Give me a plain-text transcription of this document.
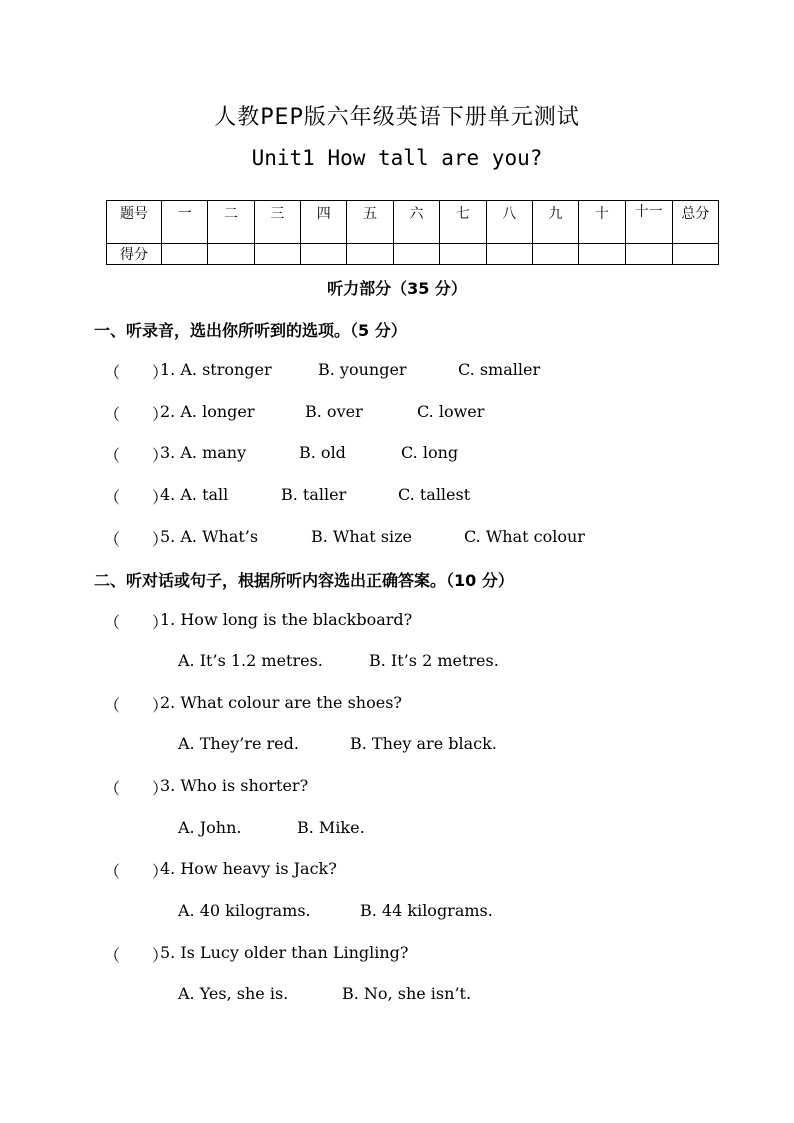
人教PEP版六年级英语下册单元测试
Unit1 How tall are you?
题号	一	二	三	四	五	六	七	八	九	十	十一	总分
得分												
听力部分（35 分）
一、听录音，选出你所听到的选项。（5 分）
（　　）
1. A. stronger	B. younger	C. smaller
（　　）
2. A. longer	B. over	C. lower
（　　）
3. A. many	B. old	C. long
（　　）
4. A. tall	B. taller	C. tallest
（　　）
5. A. What’s	B. What size	C. What colour
二、听对话或句子，根据所听内容选出正确答案。（10 分）
（　　）
1. How long is the blackboard?
A. It’s 1.2 metres.	B. It’s 2 metres.
（　　）
2. What colour are the shoes?
A. They’re red.	B. They are black.
（　　）
3. Who is shorter?
A. John.	B. Mike.
（　　）
4. How heavy is Jack?
A. 40 kilograms.	B. 44 kilograms.
（　　）
5. Is Lucy older than Lingling?
A. Yes, she is.	B. No, she isn’t.
